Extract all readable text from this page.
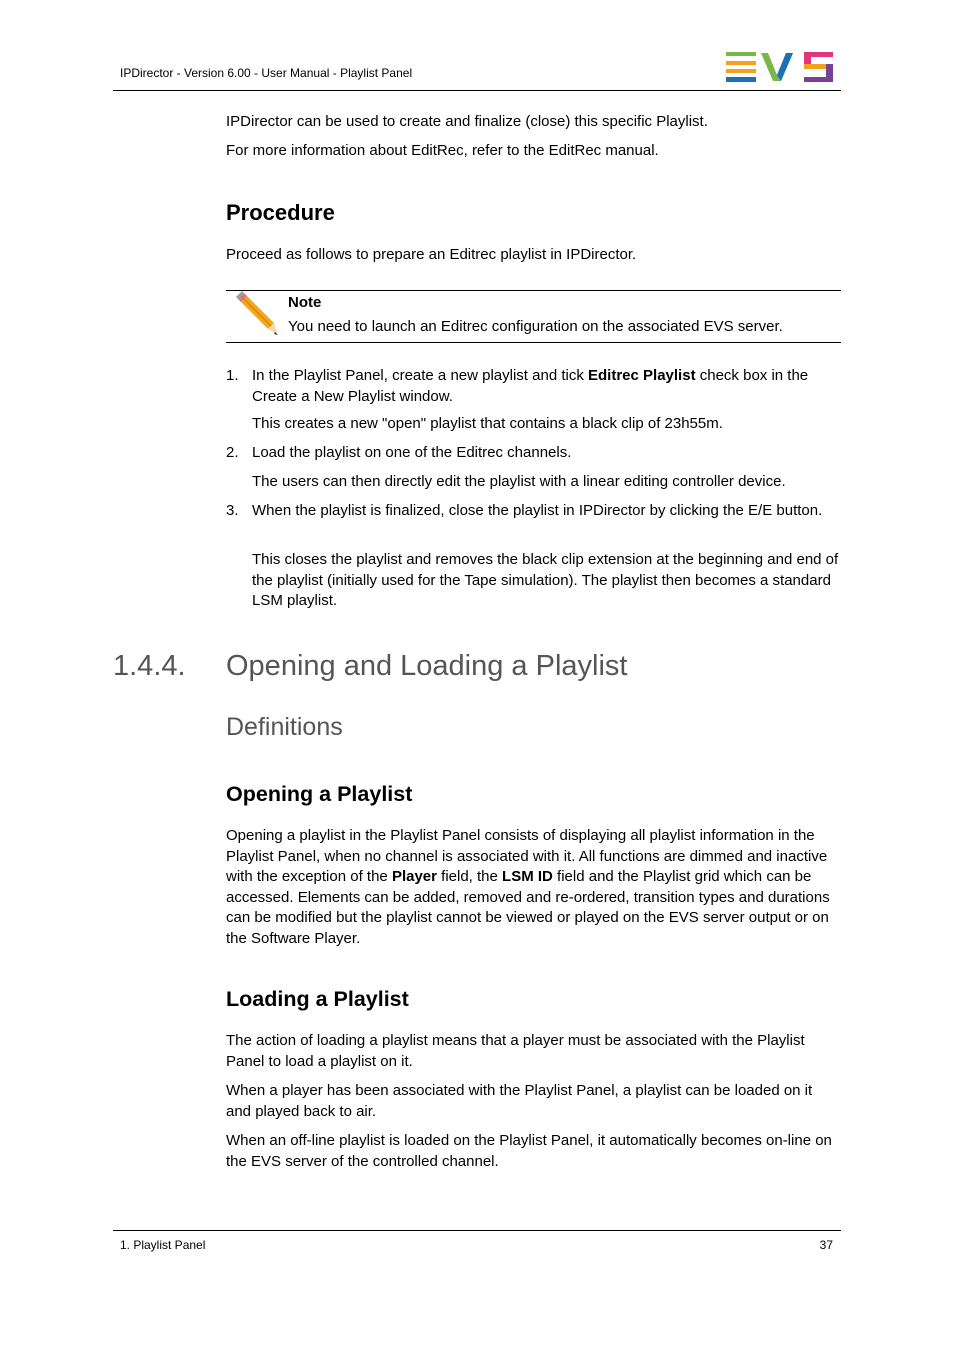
IPDirector - Version 6.00 - User Manual - Playlist Panel
IPDirector can be used to create and finalize (close) this specific Playlist.
For more information about EditRec, refer to the EditRec manual.
Procedure
Proceed as follows to prepare an Editrec playlist in IPDirector.
Note
You need to launch an Editrec configuration on the associated EVS server.
1. In the Playlist Panel, create a new playlist and tick Editrec Playlist check box in the Create a New Playlist window.
This creates a new "open" playlist that contains a black clip of 23h55m.
2. Load the playlist on one of the Editrec channels.
The users can then directly edit the playlist with a linear editing controller device.
3. When the playlist is finalized, close the playlist in IPDirector by clicking the E/E button.
This closes the playlist and removes the black clip extension at the beginning and end of the playlist (initially used for the Tape simulation). The playlist then becomes a standard LSM playlist.
1.4.4. Opening and Loading a Playlist
Definitions
Opening a Playlist
Opening a playlist in the Playlist Panel consists of displaying all playlist information in the Playlist Panel, when no channel is associated with it. All functions are dimmed and inactive with the exception of the Player field, the LSM ID field and the Playlist grid which can be accessed. Elements can be added, removed and re-ordered, transition types and durations can be modified but the playlist cannot be viewed or played on the EVS server output or on the Software Player.
Loading a Playlist
The action of loading a playlist means that a player must be associated with the Playlist Panel to load a playlist on it.
When a player has been associated with the Playlist Panel, a playlist can be loaded on it and played back to air.
When an off-line playlist is loaded on the Playlist Panel, it automatically becomes on-line on the EVS server of the controlled channel.
1. Playlist Panel	37
